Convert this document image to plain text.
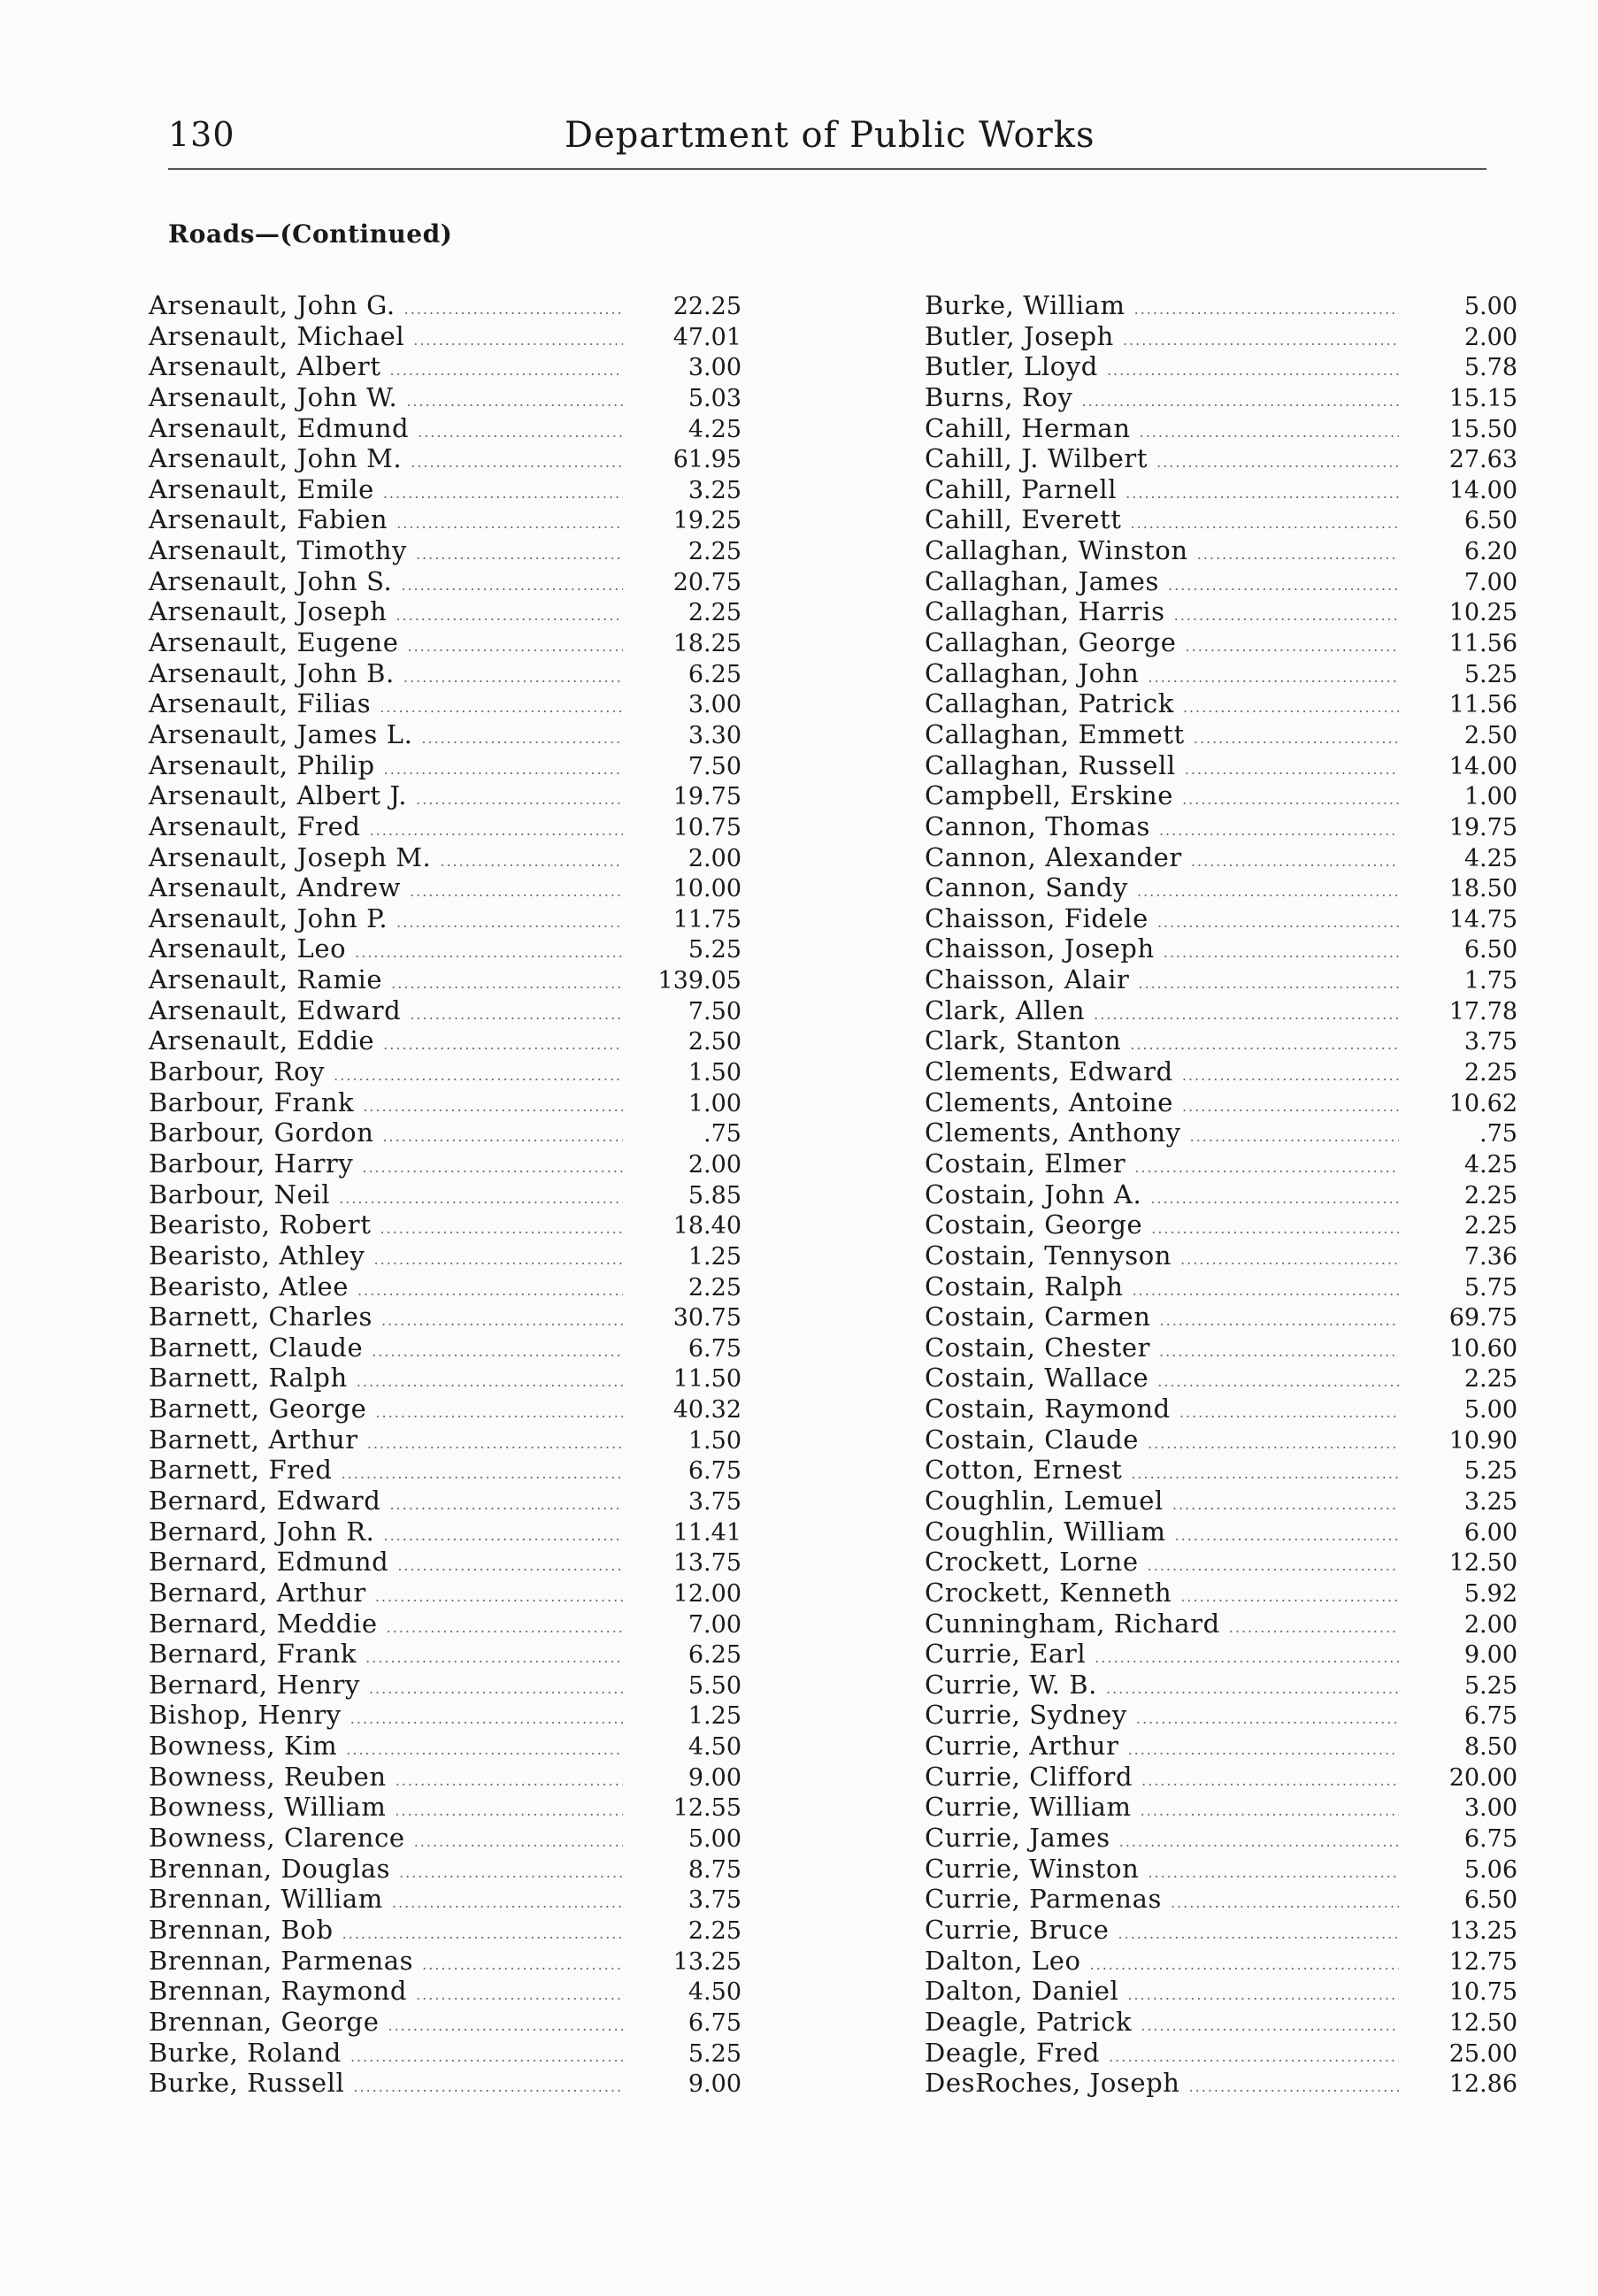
130	Department of Public Works
Roads—(Continued)
Arsenault, John G. .....	22.25
Arsenault, Michael .....	47.01
Arsenault, Albert .....	3.00
Arsenault, John W. .....	5.03
Arsenault, Edmund .....	4.25
Arsenault, John M. .....	61.95
Arsenault, Emile .....	3.25
Arsenault, Fabien .....	19.25
Arsenault, Timothy .....	2.25
Arsenault, John S. .....	20.75
Arsenault, Joseph .....	2.25
Arsenault, Eugene .....	18.25
Arsenault, John B. .....	6.25
Arsenault, Filias .....	3.00
Arsenault, James L. .....	3.30
Arsenault, Philip .....	7.50
Arsenault, Albert J. .....	19.75
Arsenault, Fred .....	10.75
Arsenault, Joseph M. .....	2.00
Arsenault, Andrew .....	10.00
Arsenault, John P. .....	11.75
Arsenault, Leo .....	5.25
Arsenault, Ramie .....	139.05
Arsenault, Edward .....	7.50
Arsenault, Eddie .....	2.50
Barbour, Roy .....	1.50
Barbour, Frank .....	1.00
Barbour, Gordon .....	.75
Barbour, Harry .....	2.00
Barbour, Neil .....	5.85
Bearisto, Robert .....	18.40
Bearisto, Athley .....	1.25
Bearisto, Atlee .....	2.25
Barnett, Charles .....	30.75
Barnett, Claude .....	6.75
Barnett, Ralph .....	11.50
Barnett, George .....	40.32
Barnett, Arthur .....	1.50
Barnett, Fred .....	6.75
Bernard, Edward .....	3.75
Bernard, John R. .....	11.41
Bernard, Edmund .....	13.75
Bernard, Arthur .....	12.00
Bernard, Meddie .....	7.00
Bernard, Frank .....	6.25
Bernard, Henry .....	5.50
Bishop, Henry .....	1.25
Bowness, Kim .....	4.50
Bowness, Reuben .....	9.00
Bowness, William .....	12.55
Bowness, Clarence .....	5.00
Brennan, Douglas .....	8.75
Brennan, William .....	3.75
Brennan, Bob .....	2.25
Brennan, Parmenas .....	13.25
Brennan, Raymond .....	4.50
Brennan, George .....	6.75
Burke, Roland .....	5.25
Burke, Russell .....	9.00
Burke, William .....	5.00
Butler, Joseph .....	2.00
Butler, Lloyd .....	5.78
Burns, Roy .....	15.15
Cahill, Herman .....	15.50
Cahill, J. Wilbert .....	27.63
Cahill, Parnell .....	14.00
Cahill, Everett .....	6.50
Callaghan, Winston .....	6.20
Callaghan, James .....	7.00
Callaghan, Harris .....	10.25
Callaghan, George .....	11.56
Callaghan, John .....	5.25
Callaghan, Patrick .....	11.56
Callaghan, Emmett .....	2.50
Callaghan, Russell .....	14.00
Campbell, Erskine .....	1.00
Cannon, Thomas .....	19.75
Cannon, Alexander .....	4.25
Cannon, Sandy .....	18.50
Chaisson, Fidele .....	14.75
Chaisson, Joseph .....	6.50
Chaisson, Alair .....	1.75
Clark, Allen .....	17.78
Clark, Stanton .....	3.75
Clements, Edward .....	2.25
Clements, Antoine .....	10.62
Clements, Anthony .....	.75
Costain, Elmer .....	4.25
Costain, John A. .....	2.25
Costain, George .....	2.25
Costain, Tennyson .....	7.36
Costain, Ralph .....	5.75
Costain, Carmen .....	69.75
Costain, Chester .....	10.60
Costain, Wallace .....	2.25
Costain, Raymond .....	5.00
Costain, Claude .....	10.90
Cotton, Ernest .....	5.25
Coughlin, Lemuel .....	3.25
Coughlin, William .....	6.00
Crockett, Lorne .....	12.50
Crockett, Kenneth .....	5.92
Cunningham, Richard .....	2.00
Currie, Earl .....	9.00
Currie, W. B. .....	5.25
Currie, Sydney .....	6.75
Currie, Arthur .....	8.50
Currie, Clifford .....	20.00
Currie, William .....	3.00
Currie, James .....	6.75
Currie, Winston .....	5.06
Currie, Parmenas .....	6.50
Currie, Bruce .....	13.25
Dalton, Leo .....	12.75
Dalton, Daniel .....	10.75
Deagle, Patrick .....	12.50
Deagle, Fred .....	25.00
DesRoches, Joseph .....	12.86
